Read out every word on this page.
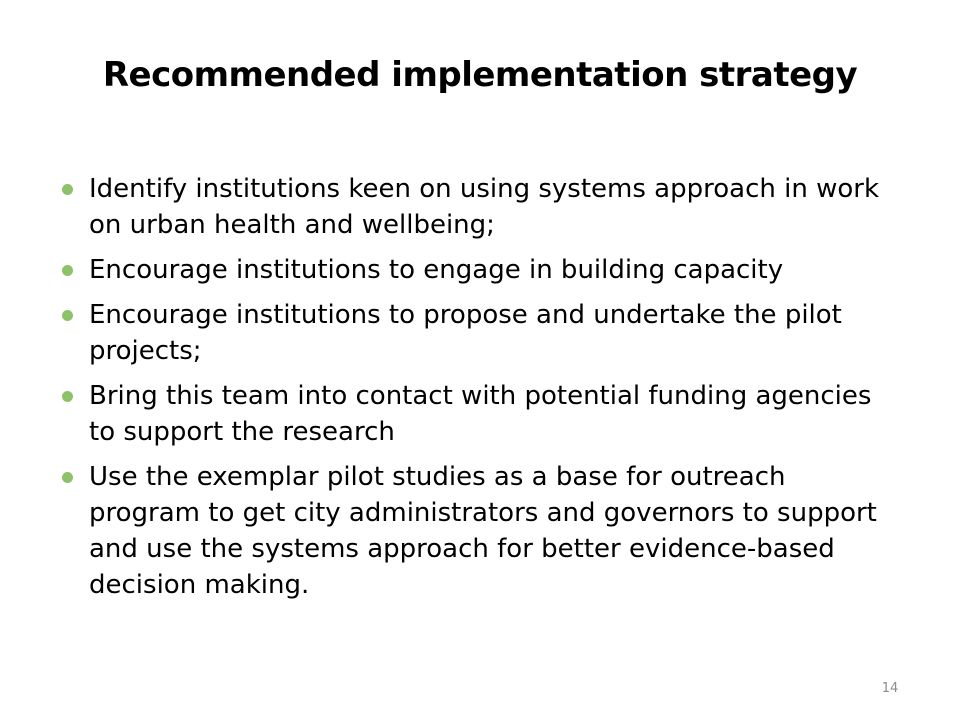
Recommended implementation strategy
Identify institutions keen on using systems approach in work on urban health and wellbeing;
Encourage institutions to engage in building capacity
Encourage institutions to propose and undertake the pilot projects;
Bring this team into contact with potential funding agencies to support the research
Use the exemplar pilot studies as a base for outreach program to get city administrators and governors to support and use the systems approach for better evidence-based decision making.
14
